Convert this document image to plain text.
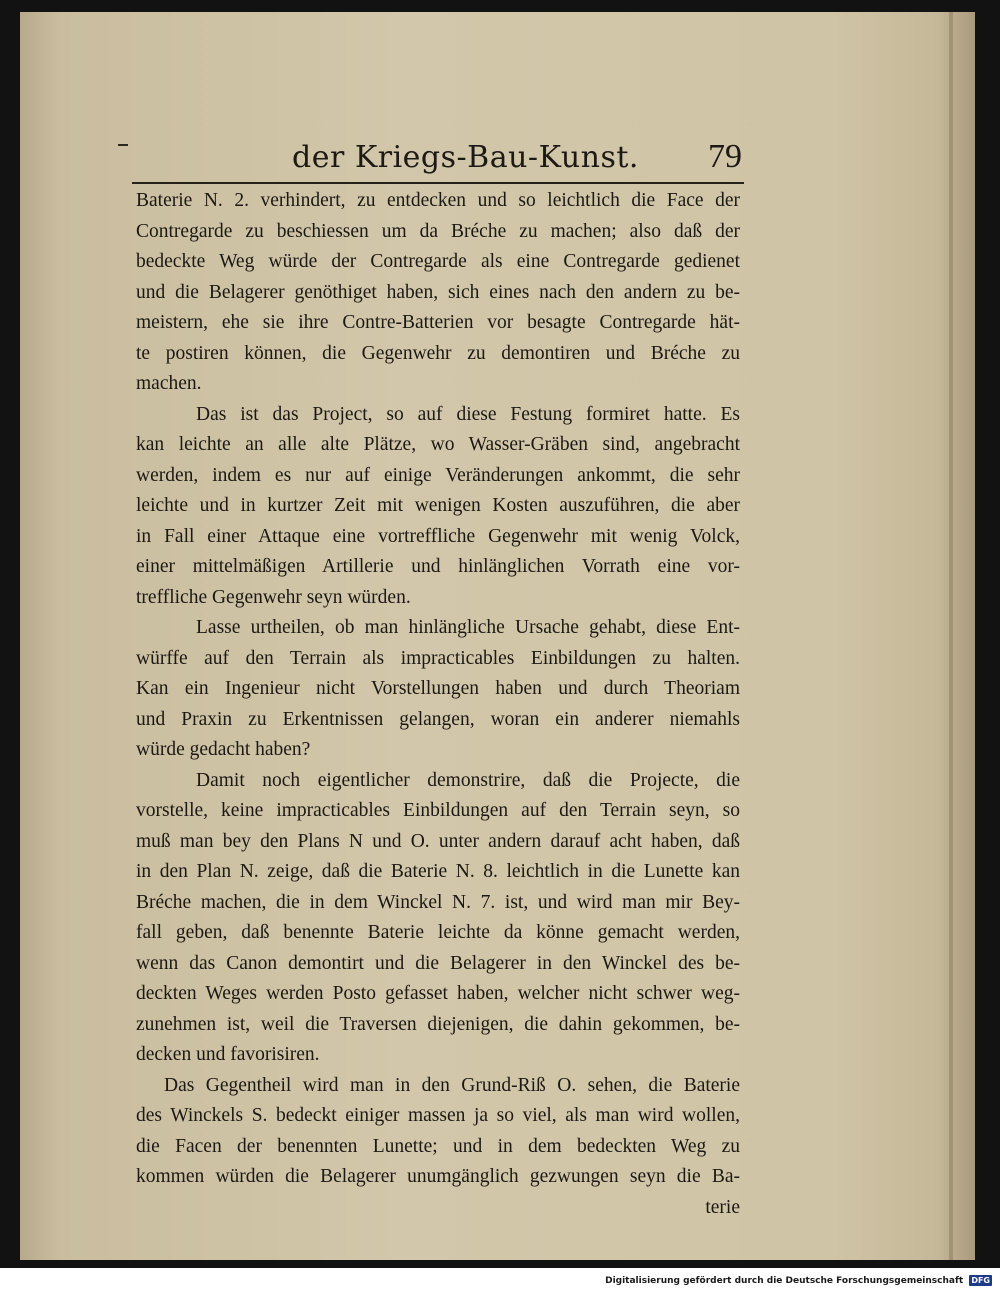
der Kriegs-Bau-Kunst. 79
Baterie N. 2. verhindert, zu entdecken und so leichtlich die Face der
Contregarde zu beschiessen um da Bréche zu machen; also daß der
bedeckte Weg würde der Contregarde als eine Contregarde gedienet
und die Belagerer genöthiget haben, sich eines nach den andern zu be-
meistern, ehe sie ihre Contre-Batterien vor besagte Contregarde hät-
te postiren können, die Gegenwehr zu demontiren und Bréche zu
machen.
Das ist das Project, so auf diese Festung formiret hatte. Es
kan leichte an alle alte Plätze, wo Wasser-Gräben sind, angebracht
werden, indem es nur auf einige Veränderungen ankommt, die sehr
leichte und in kurtzer Zeit mit wenigen Kosten auszuführen, die aber
in Fall einer Attaque eine vortreffliche Gegenwehr mit wenig Volck,
einer mittelmäßigen Artillerie und hinlänglichen Vorrath eine vor-
treffliche Gegenwehr seyn würden.
Lasse urtheilen, ob man hinlängliche Ursache gehabt, diese Ent-
würffe auf den Terrain als impracticables Einbildungen zu halten.
Kan ein Ingenieur nicht Vorstellungen haben und durch Theoriam
und Praxin zu Erkentnissen gelangen, woran ein anderer niemahls
würde gedacht haben?
Damit noch eigentlicher demonstrire, daß die Projecte, die
vorstelle, keine impracticables Einbildungen auf den Terrain seyn, so
muß man bey den Plans N und O. unter andern darauf acht haben, daß
in den Plan N. zeige, daß die Baterie N. 8. leichtlich in die Lunette kan
Bréche machen, die in dem Winckel N. 7. ist, und wird man mir Bey-
fall geben, daß benennte Baterie leichte da könne gemacht werden,
wenn das Canon demontirt und die Belagerer in den Winckel des be-
deckten Weges werden Posto gefasset haben, welcher nicht schwer weg-
zunehmen ist, weil die Traversen diejenigen, die dahin gekommen, be-
decken und favorisiren.
Das Gegentheil wird man in den Grund-Riß O. sehen, die Baterie
des Winckels S. bedeckt einiger massen ja so viel, als man wird wollen,
die Facen der benennten Lunette; und in dem bedeckten Weg zu
kommen würden die Belagerer unumgänglich gezwungen seyn die Ba-
terie
Digitalisierung gefördert durch die Deutsche Forschungsgemeinschaft DFG
